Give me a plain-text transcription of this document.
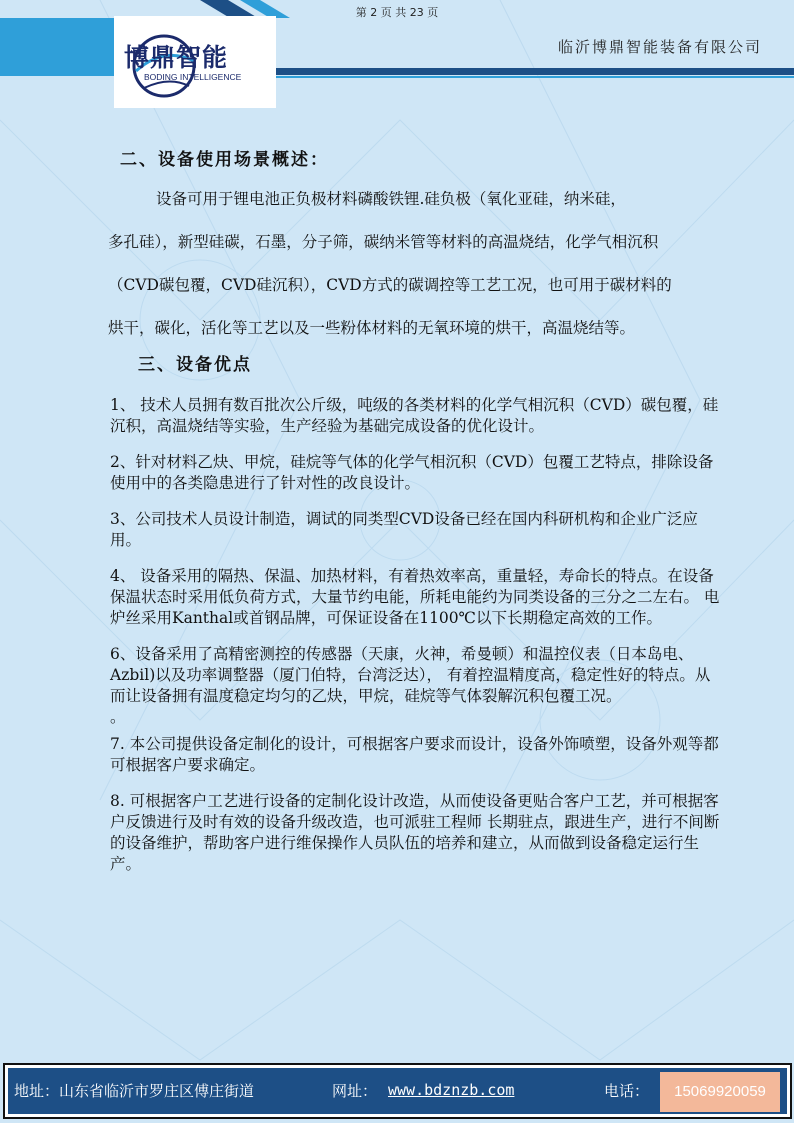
第 2 页 共 23 页
博鼎智能
BODING INTELLIGENCE
临沂博鼎智能装备有限公司
二、设备使用场景概述：

设备可用于锂电池正负极材料磷酸铁锂.硅负极（氧化亚硅，纳米硅，
多孔硅），新型硅碳，石墨，分子筛，碳纳米管等材料的高温烧结，化学气相沉积
（CVD碳包覆，CVD硅沉积），CVD方式的碳调控等工艺工况，也可用于碳材料的
烘干，碳化，活化等工艺以及一些粉体材料的无氧环境的烘干，高温烧结等。

三、设备优点

1、 技术人员拥有数百批次公斤级，吨级的各类材料的化学气相沉积（CVD）碳包覆，硅沉积，高温烧结等实验，生产经验为基础完成设备的优化设计。

2、针对材料乙炔、甲烷，硅烷等气体的化学气相沉积（CVD）包覆工艺特点，排除设备使用中的各类隐患进行了针对性的改良设计。

3、公司技术人员设计制造，调试的同类型CVD设备已经在国内科研机构和企业广泛应用。

4、 设备采用的隔热、保温、加热材料，有着热效率高，重量轻，寿命长的特点。在设备保温状态时采用低负荷方式，大量节约电能，所耗电能约为同类设备的三分之二左右。 电炉丝采用Kanthal或首钢品牌，可保证设备在1100℃以下长期稳定高效的工作。

6、设备采用了高精密测控的传感器（天康，火神，希曼顿）和温控仪表（日本岛电、Azbil)以及功率调整器（厦门伯特，台湾泛达）， 有着控温精度高，稳定性好的特点。从而让设备拥有温度稳定均匀的乙炔，甲烷，硅烷等气体裂解沉积包覆工况。
。

7. 本公司提供设备定制化的设计，可根据客户要求而设计，设备外饰喷塑，设备外观等都可根据客户要求确定。

8. 可根据客户工艺进行设备的定制化设计改造，从而使设备更贴合客户工艺，并可根据客户反馈进行及时有效的设备升级改造，也可派驻工程师 长期驻点，跟进生产，进行不间断的设备维护，帮助客户进行维保操作人员队伍的培养和建立，从而做到设备稳定运行生产。

地址：山东省临沂市罗庄区傅庄街道	网址： www.bdznzb.com	电话：	15069920059
